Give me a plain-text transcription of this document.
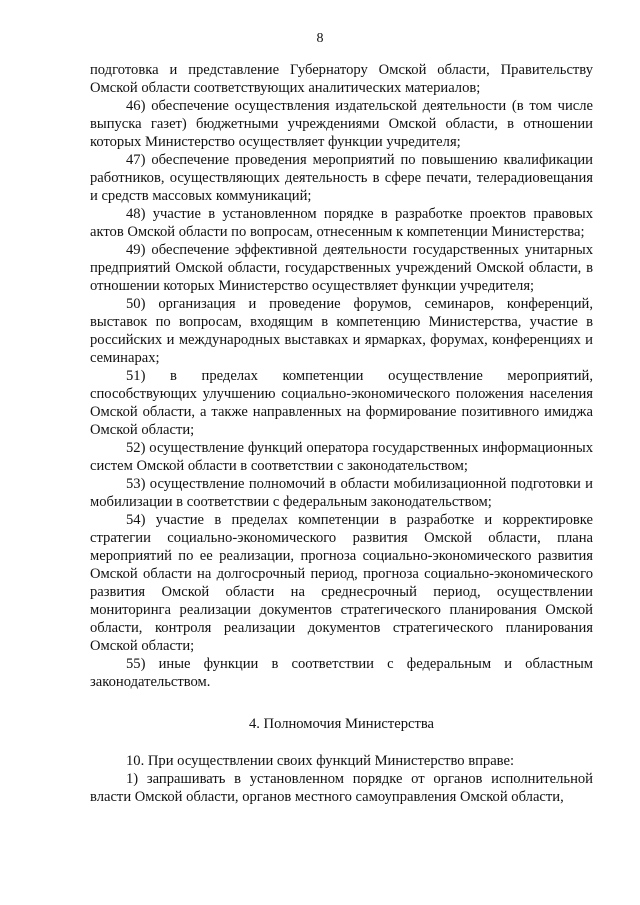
8

подготовка и представление Губернатору Омской области, Правительству Омской области соответствующих аналитических материалов;

46) обеспечение осуществления издательской деятельности (в том числе выпуска газет) бюджетными учреждениями Омской области, в отношении которых Министерство осуществляет функции учредителя;

47) обеспечение проведения мероприятий по повышению квалификации работников, осуществляющих деятельность в сфере печати, телерадиовещания и средств массовых коммуникаций;

48) участие в установленном порядке в разработке проектов правовых актов Омской области по вопросам, отнесенным к компетенции Министерства;

49) обеспечение эффективной деятельности государственных унитарных предприятий Омской области, государственных учреждений Омской области, в отношении которых Министерство осуществляет функции учредителя;

50) организация и проведение форумов, семинаров, конференций, выставок по вопросам, входящим в компетенцию Министерства, участие в российских и международных выставках и ярмарках, форумах, конференциях и семинарах;

51) в пределах компетенции осуществление мероприятий, способствующих улучшению социально-экономического положения населения Омской области, а также направленных на формирование позитивного имиджа Омской области;

52) осуществление функций оператора государственных информационных систем Омской области в соответствии с законодательством;

53) осуществление полномочий в области мобилизационной подготовки и мобилизации в соответствии с федеральным законодательством;

54) участие в пределах компетенции в разработке и корректировке стратегии социально-экономического развития Омской области, плана мероприятий по ее реализации, прогноза социально-экономического развития Омской области на долгосрочный период, прогноза социально-экономического развития Омской области на среднесрочный период, осуществлении мониторинга реализации документов стратегического планирования Омской области, контроля реализации документов стратегического планирования Омской области;

55) иные функции в соответствии с федеральным и областным законодательством.

4. Полномочия Министерства

10. При осуществлении своих функций Министерство вправе:

1) запрашивать в установленном порядке от органов исполнительной власти Омской области, органов местного самоуправления Омской области,
